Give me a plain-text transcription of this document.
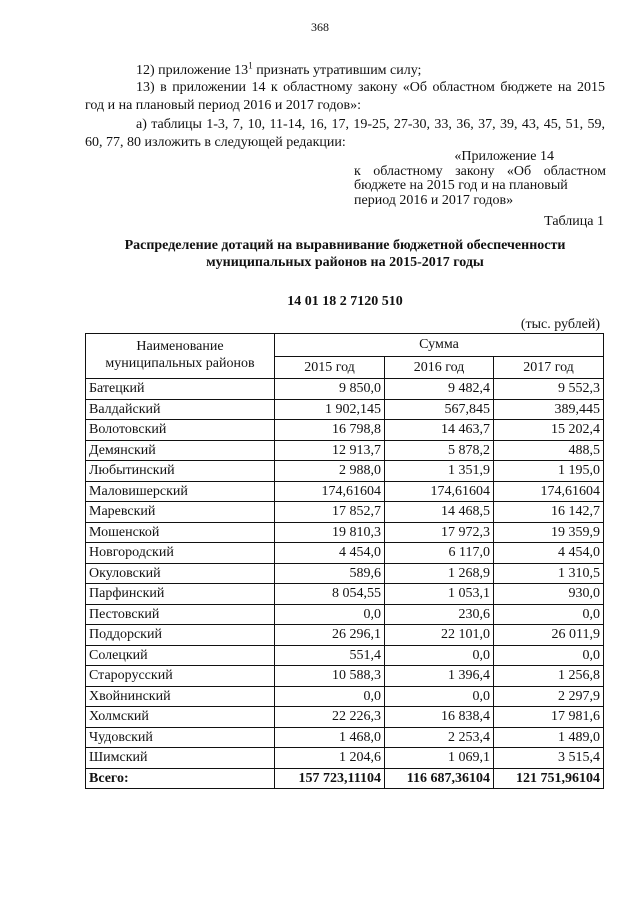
368

12) приложение $13^1$ признать утратившим силу;

13) в приложении 14 к областному закону «Об областном бюджете на 2015 год и на плановый период 2016 и 2017 годов»:

а) таблицы 1-3, 7, 10, 11-14, 16, 17, 19-25, 27-30, 33, 36, 37, 39, 43, 45, 51, 59, 60, 77, 80 изложить в следующей редакции:

«Приложение 14
к областному закону «Об областном
бюджете на 2015 год и на плановый
период 2016 и 2017 годов»
Таблица 1
Распределение дотаций на выравнивание бюджетной обеспеченности
муниципальных районов на 2015-2017 годы
14 01 18 2 7120 510
(тыс. рублей)
Наименование муниципальных районов	Сумма		
	2015 год	2016 год	2017 год
Батецкий	9 850,0	9 482,4	9 552,3
Валдайский	1 902,145	567,845	389,445
Волотовский	16 798,8	14 463,7	15 202,4
Демянский	12 913,7	5 878,2	488,5
Любытинский	2 988,0	1 351,9	1 195,0
Маловишерский	174,61604	174,61604	174,61604
Маревский	17 852,7	14 468,5	16 142,7
Мошенской	19 810,3	17 972,3	19 359,9
Новгородский	4 454,0	6 117,0	4 454,0
Окуловский	589,6	1 268,9	1 310,5
Парфинский	8 054,55	1 053,1	930,0
Пестовский	0,0	230,6	0,0
Поддорский	26 296,1	22 101,0	26 011,9
Солецкий	551,4	0,0	0,0
Старорусский	10 588,3	1 396,4	1 256,8
Хвойнинский	0,0	0,0	2 297,9
Холмский	22 226,3	16 838,4	17 981,6
Чудовский	1 468,0	2 253,4	1 489,0
Шимский	1 204,6	1 069,1	3 515,4
Всего:	157 723,11104	116 687,36104	121 751,96104
